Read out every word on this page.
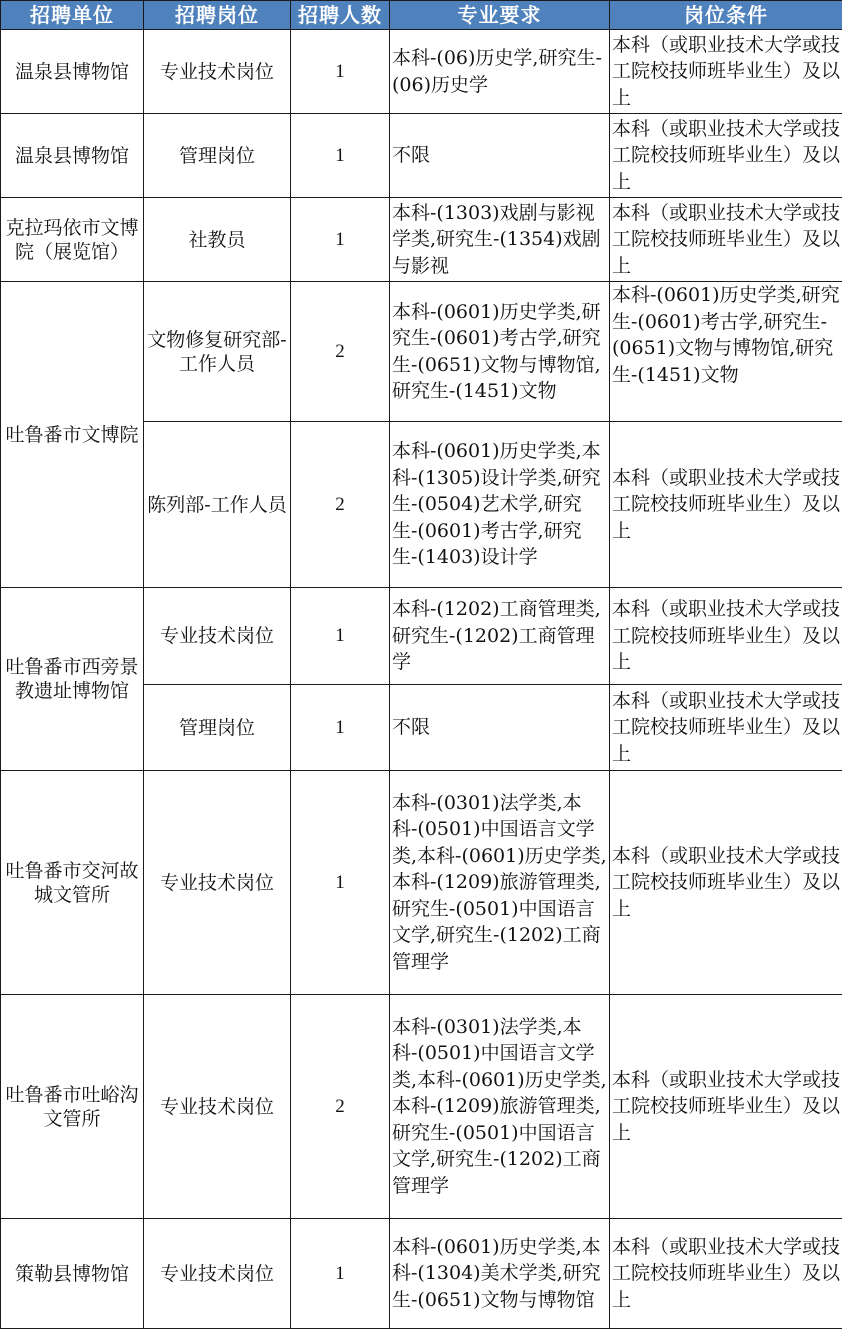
招聘单位	招聘岗位	招聘人数	专业要求	岗位条件
温泉县博物馆	专业技术岗位	1	本科-(06)历史学,研究生-(06)历史学	本科（或职业技术大学或技工院校技师班毕业生）及以上
温泉县博物馆	管理岗位	1	不限	本科（或职业技术大学或技工院校技师班毕业生）及以上
克拉玛依市文博院（展览馆）	社教员	1	本科-(1303)戏剧与影视学类,研究生-(1354)戏剧与影视	本科（或职业技术大学或技工院校技师班毕业生）及以上
吐鲁番市文博院	文物修复研究部-工作人员	2	本科-(0601)历史学类,研究生-(0601)考古学,研究生-(0651)文物与博物馆,研究生-(1451)文物	本科-(0601)历史学类,研究生-(0601)考古学,研究生-(0651)文物与博物馆,研究生-(1451)文物
	陈列部-工作人员	2	本科-(0601)历史学类,本科-(1305)设计学类,研究生-(0504)艺术学,研究生-(0601)考古学,研究生-(1403)设计学	本科（或职业技术大学或技工院校技师班毕业生）及以上
吐鲁番市西旁景教遗址博物馆	专业技术岗位	1	本科-(1202)工商管理类,研究生-(1202)工商管理学	本科（或职业技术大学或技工院校技师班毕业生）及以上
	管理岗位	1	不限	本科（或职业技术大学或技工院校技师班毕业生）及以上
吐鲁番市交河故城文管所	专业技术岗位	1	本科-(0301)法学类,本科-(0501)中国语言文学类,本科-(0601)历史学类,本科-(1209)旅游管理类,研究生-(0501)中国语言文学,研究生-(1202)工商管理学	本科（或职业技术大学或技工院校技师班毕业生）及以上
吐鲁番市吐峪沟文管所	专业技术岗位	2	本科-(0301)法学类,本科-(0501)中国语言文学类,本科-(0601)历史学类,本科-(1209)旅游管理类,研究生-(0501)中国语言文学,研究生-(1202)工商管理学	本科（或职业技术大学或技工院校技师班毕业生）及以上
策勒县博物馆	专业技术岗位	1	本科-(0601)历史学类,本科-(1304)美术学类,研究生-(0651)文物与博物馆	本科（或职业技术大学或技工院校技师班毕业生）及以上
